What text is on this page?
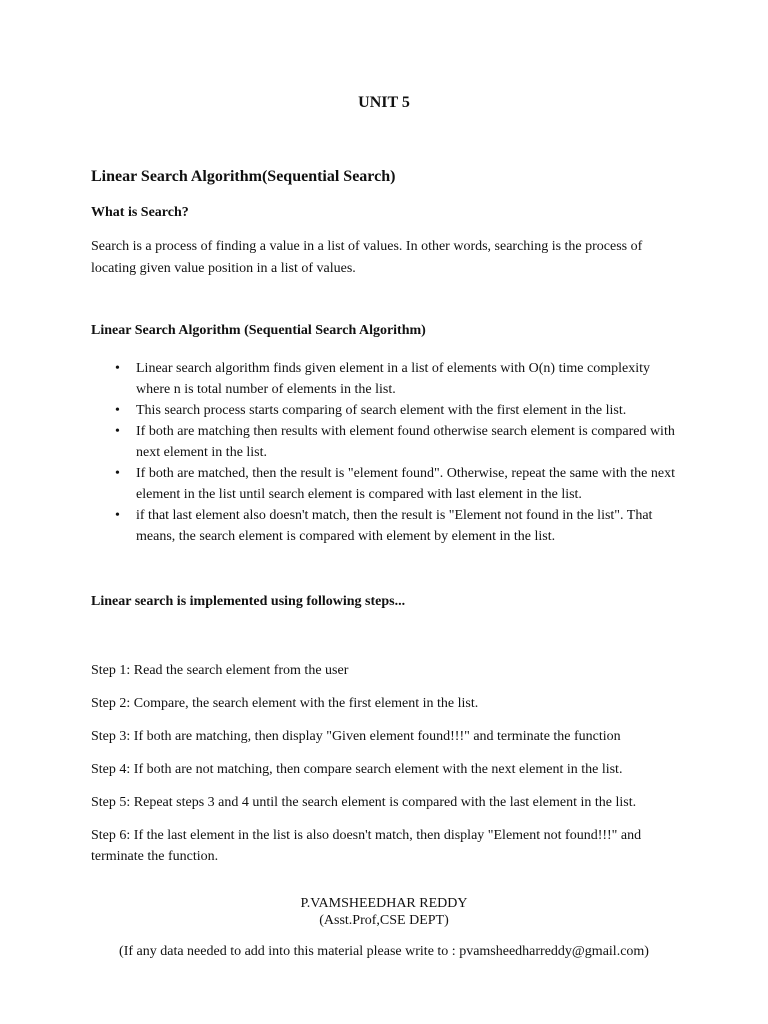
UNIT 5
Linear Search Algorithm(Sequential Search)
What is Search?

Search is a process of finding a value in a list of values. In other words, searching is the process of locating given value position in a list of values.

Linear Search Algorithm (Sequential Search Algorithm)
• Linear search algorithm finds given element in a list of elements with O(n) time complexity where n is total number of elements in the list.
• This search process starts comparing of search element with the first element in the list.
• If both are matching then results with element found otherwise search element is compared with next element in the list.
• If both are matched, then the result is "element found". Otherwise, repeat the same with the next element in the list until search element is compared with last element in the list.
• if that last element also doesn't match, then the result is "Element not found in the list". That means, the search element is compared with element by element in the list.
Linear search is implemented using following steps...

Step 1: Read the search element from the user

Step 2: Compare, the search element with the first element in the list.

Step 3: If both are matching, then display "Given element found!!!" and terminate the function

Step 4: If both are not matching, then compare search element with the next element in the list.

Step 5: Repeat steps 3 and 4 until the search element is compared with the last element in the list.

Step 6: If the last element in the list is also doesn't match, then display "Element not found!!!" and terminate the function.

P.VAMSHEEDHAR REDDY
(Asst.Prof,CSE DEPT)
(If any data needed to add into this material please write to : pvamsheedharreddy@gmail.com)
